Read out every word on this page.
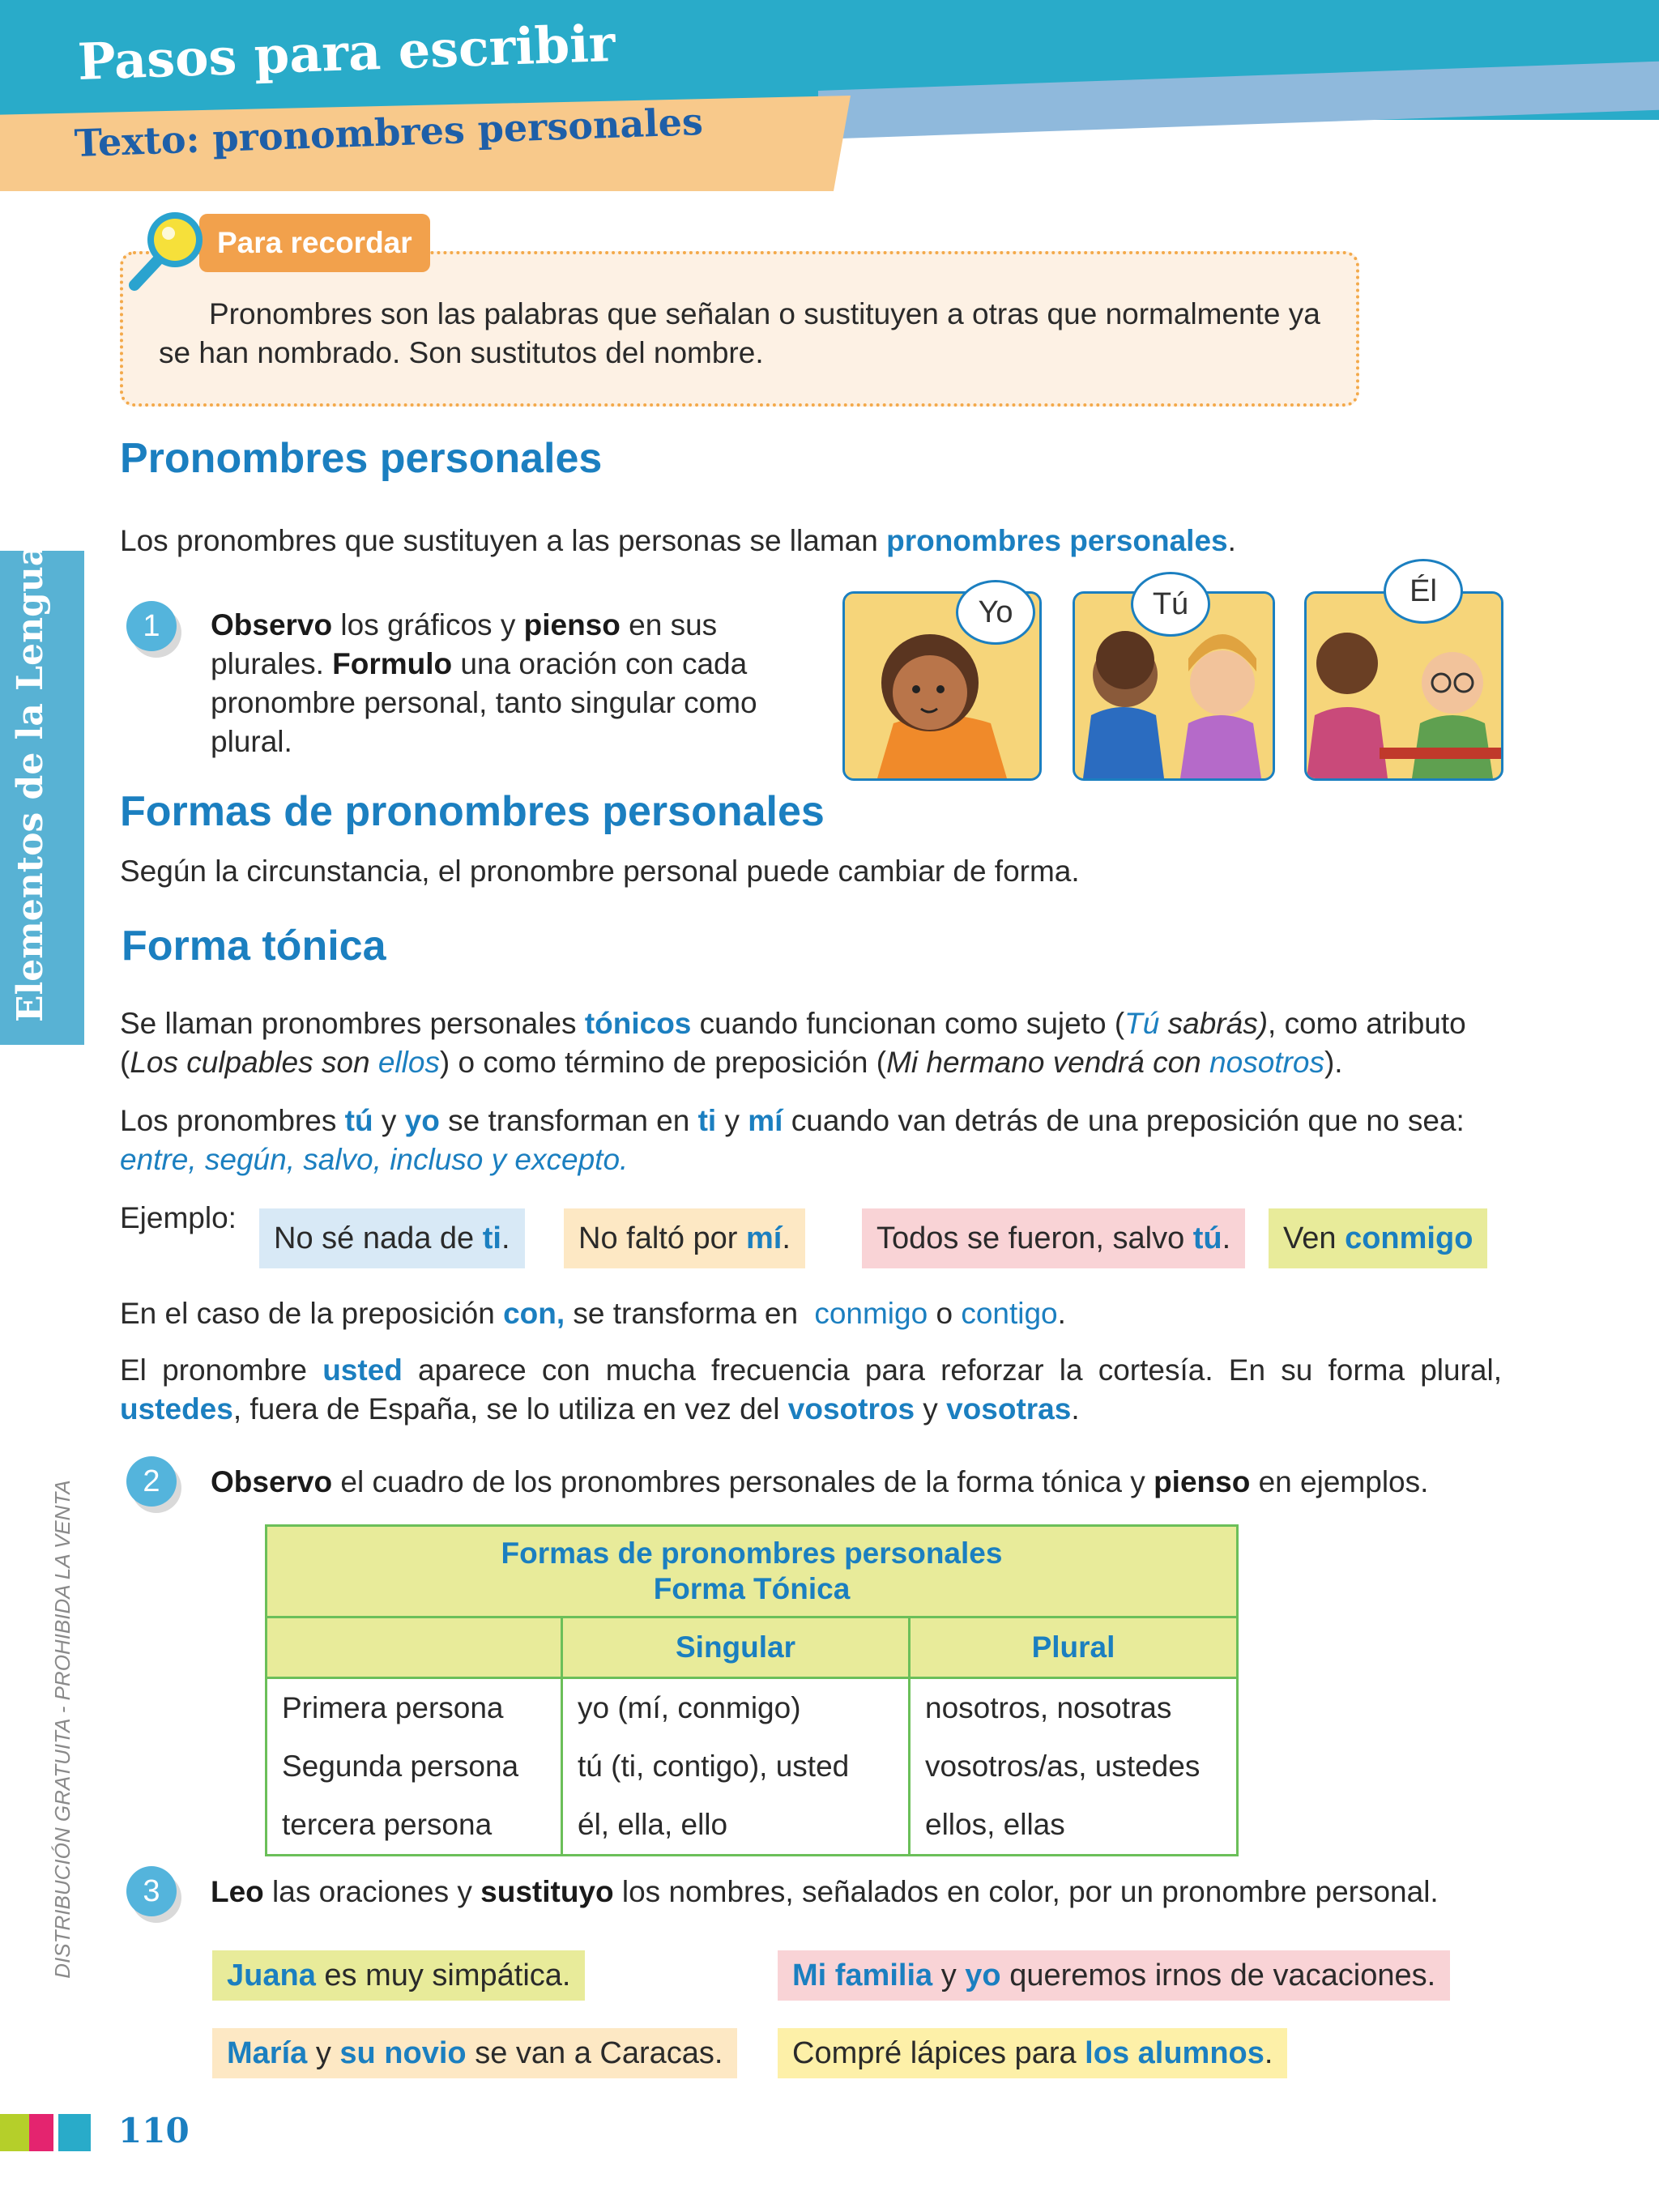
Pasos para escribir
Texto: pronombres personales
Elementos de la Lengua
DISTRIBUCIÓN GRATUITA - PROHIBIDA LA VENTA
Para recordar
Pronombres son las palabras que señalan o sustituyen a otras que normalmente ya se han nombrado. Son sustitutos del nombre.
Pronombres personales
Los pronombres que sustituyen a las personas se llaman pronombres personales.
1	Observo los gráficos y pienso en sus plurales. Formulo una oración con cada pronombre personal, tanto singular como plural.
Yo	Tú	Él
Formas de pronombres personales
Según la circunstancia, el pronombre personal puede cambiar de forma.
Forma tónica
Se llaman pronombres personales tónicos cuando funcionan como sujeto (Tú sabrás), como atributo (Los culpables son ellos) o como término de preposición (Mi hermano vendrá con nosotros).
Los pronombres tú y yo se transforman en ti y mí cuando van detrás de una preposición que no sea: entre, según, salvo, incluso y excepto.
Ejemplo:
No sé nada de ti.	No faltó por mí.	Todos se fueron, salvo tú.	Ven conmigo
En el caso de la preposición con, se transforma en conmigo o contigo.
El pronombre usted aparece con mucha frecuencia para reforzar la cortesía. En su forma plural, ustedes, fuera de España, se lo utiliza en vez del vosotros y vosotras.
2	Observo el cuadro de los pronombres personales de la forma tónica y pienso en ejemplos.
Formas de pronombres personales
Forma Tónica		

	Singular	Plural
Primera persona	yo (mí, conmigo)	nosotros, nosotras
Segunda persona	tú (ti, contigo), usted	vosotros/as, ustedes
tercera persona	él, ella, ello	ellos, ellas
3	Leo las oraciones y sustituyo los nombres, señalados en color, por un pronombre personal.
Juana es muy simpática.	Mi familia y yo queremos irnos de vacaciones.
María y su novio se van a Caracas.	Compré lápices para los alumnos.
110
